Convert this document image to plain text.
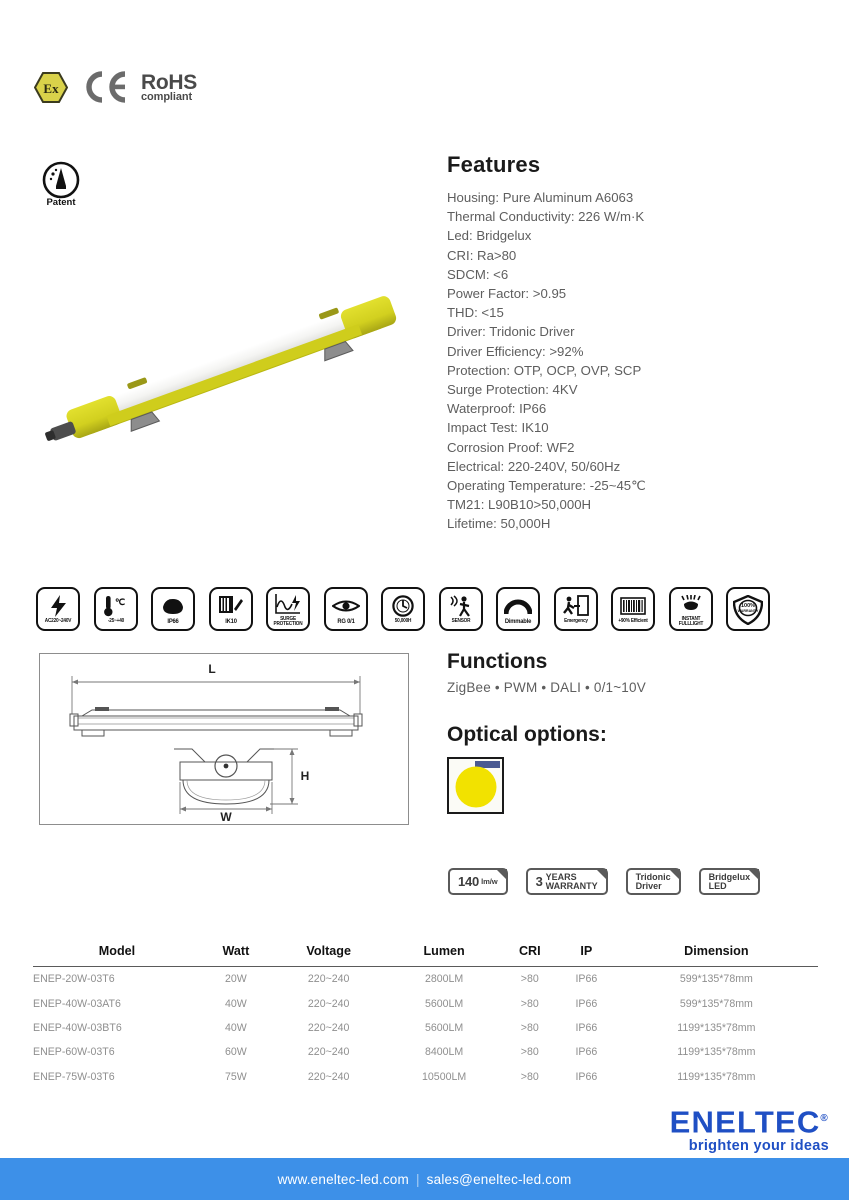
Ex	RoHS
compliant
Patent
Features
Housing: Pure Aluminum A6063
Thermal Conductivity: 226 W/m·K
Led: Bridgelux
CRI: Ra>80
SDCM: <6
Power Factor: >0.95
THD: <15
Driver: Tridonic Driver
Driver Efficiency: >92%
Protection: OTP, OCP, OVP, SCP
Surge Protection: 4KV
Waterproof: IP66
Impact Test: IK10
Corrosion Proof: WF2
Electrical: 220-240V, 50/60Hz
Operating Temperature: -25~45℃
TM21: L90B10>50,000H
Lifetime: 50,000H
AC220~240V
℃
-25~+40	IP66	IK10	SURGE PROTECTION	RG 0/1	50,000H	SENSOR	Dimmable	Emergency	+90% Efficient	INSTANT FULLLIGHT
100%
WARRANTY
L
H
W
Functions
ZigBee • PWM • DALI • 0/1~10V
Optical options:
140 lm/w	3 YEARS
WARRANTY
Tridonic
Driver
Bridgelux
LED
Model	Watt	Voltage	Lumen	CRI	IP	Dimension
ENEP-20W-03T6	20W	220~240	2800LM	>80	IP66	599*135*78mm
ENEP-40W-03AT6	40W	220~240	5600LM	>80	IP66	599*135*78mm
ENEP-40W-03BT6	40W	220~240	5600LM	>80	IP66	1199*135*78mm
ENEP-60W-03T6	60W	220~240	8400LM	>80	IP66	1199*135*78mm
ENEP-75W-03T6	75W	220~240	10500LM	>80	IP66	1199*135*78mm
ENELTEC®
brighten your ideas
www.eneltec-led.com | sales@eneltec-led.com
